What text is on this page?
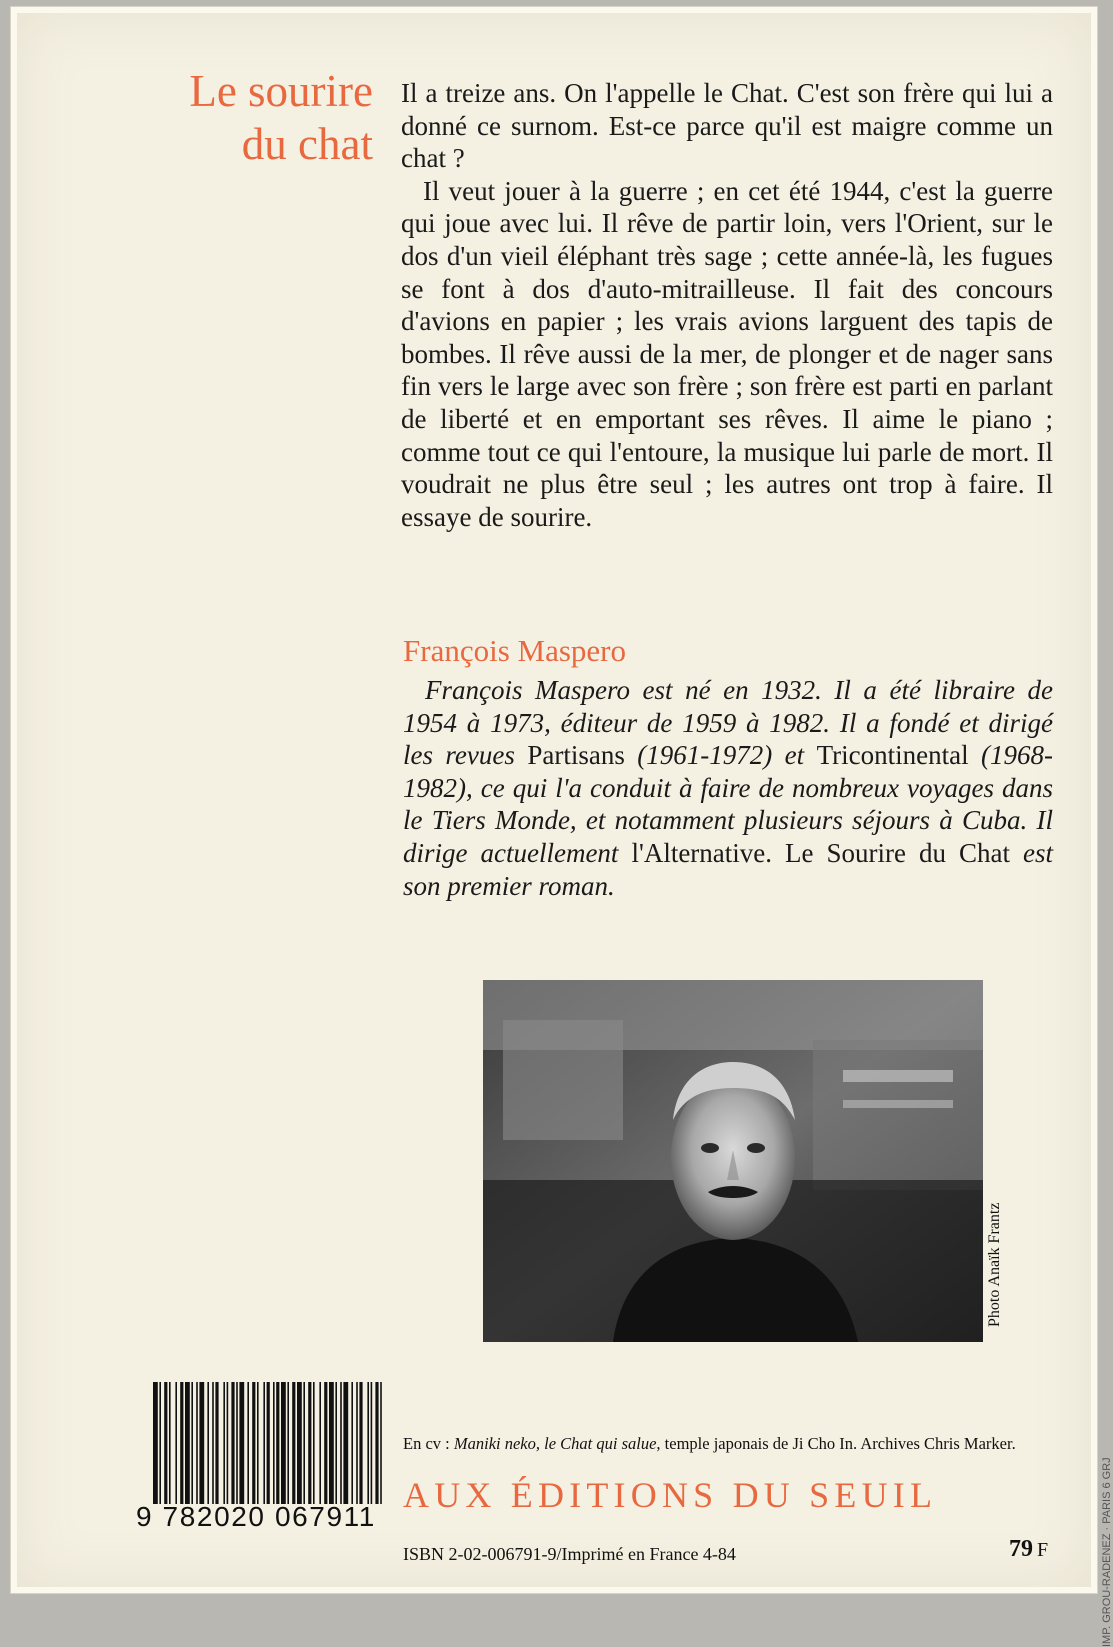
Le sourire
du chat

Il a treize ans. On l'appelle le Chat. C'est son frère qui lui a donné ce surnom. Est-ce parce qu'il est maigre comme un chat ?

Il veut jouer à la guerre ; en cet été 1944, c'est la guerre qui joue avec lui. Il rêve de partir loin, vers l'Orient, sur le dos d'un vieil éléphant très sage ; cette année-là, les fugues se font à dos d'auto-mitrailleuse. Il fait des concours d'avions en papier ; les vrais avions larguent des tapis de bombes. Il rêve aussi de la mer, de plonger et de nager sans fin vers le large avec son frère ; son frère est parti en parlant de liberté et en emportant ses rêves. Il aime le piano ; comme tout ce qui l'entoure, la musique lui parle de mort. Il voudrait ne plus être seul ; les autres ont trop à faire. Il essaye de sourire.

François Maspero
François Maspero est né en 1932. Il a été libraire de 1954 à 1973, éditeur de 1959 à 1982. Il a fondé et dirigé les revues Partisans (1961-1972) et Tricontinental (1968-1982), ce qui l'a conduit à faire de nombreux voyages dans le Tiers Monde, et notamment plusieurs séjours à Cuba. Il dirige actuellement l'Alternative. Le Sourire du Chat est son premier roman.
Photo Anaïk Frantz
IMP. GROU-RADENEZ · PARIS 6 GRJ
9 782020 067911
En cv : Maniki neko, le Chat qui salue, temple japonais de Ji Cho In. Archives Chris Marker.
AUX ÉDITIONS DU SEUIL
ISBN 2-02-006791-9/Imprimé en France 4-84	79 F
